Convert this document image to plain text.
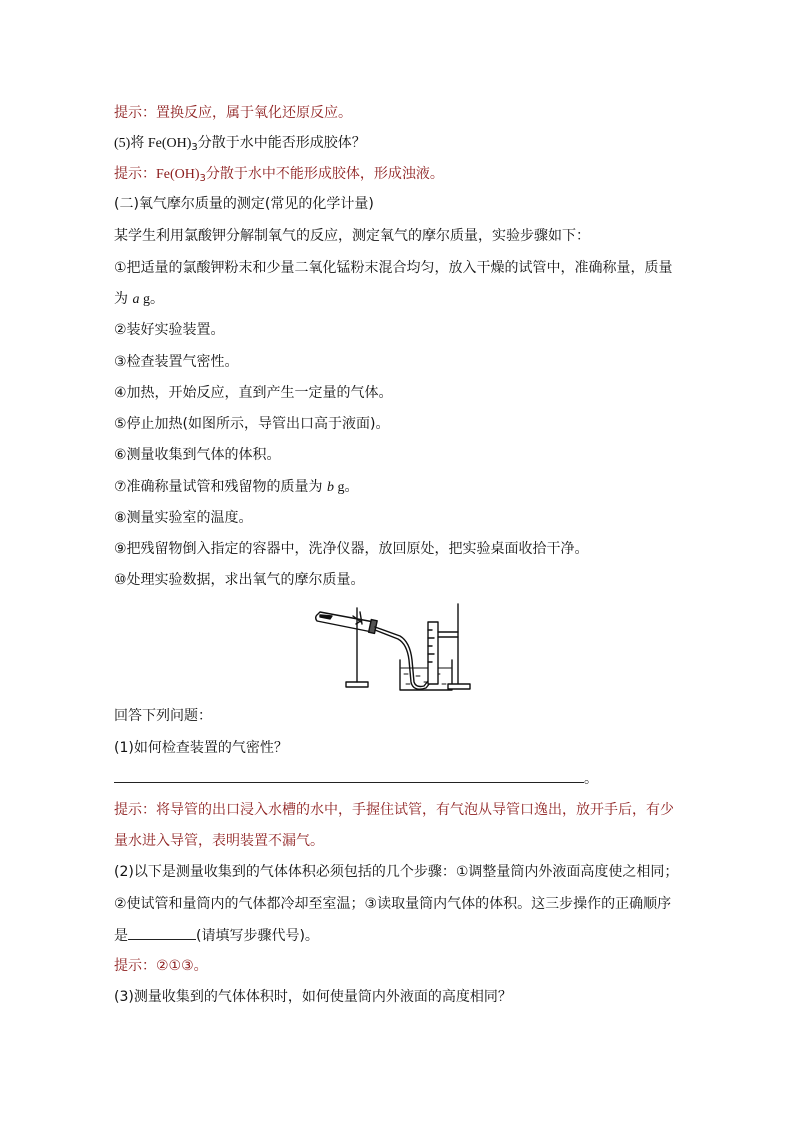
提示：置换反应，属于氧化还原反应。
(5)将 $Fe(OH)_3$分散于水中能否形成胶体？
提示：$Fe(OH)_3$分散于水中不能形成胶体，形成浊液。
(二)氧气摩尔质量的测定(常见的化学计量)
某学生利用氯酸钾分解制氧气的反应，测定氧气的摩尔质量，实验步骤如下：
①把适量的氯酸钾粉末和少量二氧化锰粉末混合均匀，放入干燥的试管中，准确称量，质量
为 a g。
②装好实验装置。
③检查装置气密性。
④加热，开始反应，直到产生一定量的气体。
⑤停止加热(如图所示，导管出口高于液面)。
⑥测量收集到气体的体积。
⑦准确称量试管和残留物的质量为 b g。
⑧测量实验室的温度。
⑨把残留物倒入指定的容器中，洗净仪器，放回原处，把实验桌面收拾干净。
⑩处理实验数据，求出氧气的摩尔质量。
回答下列问题：
(1)如何检查装置的气密性？
。
提示：将导管的出口浸入水槽的水中，手握住试管，有气泡从导管口逸出，放开手后，有少
量水进入导管，表明装置不漏气。
(2)以下是测量收集到的气体体积必须包括的几个步骤：①调整量筒内外液面高度使之相同；
②使试管和量筒内的气体都冷却至室温；③读取量筒内气体的体积。这三步操作的正确顺序
是	(请填写步骤代号)。
提示：②①③。
(3)测量收集到的气体体积时，如何使量筒内外液面的高度相同？
